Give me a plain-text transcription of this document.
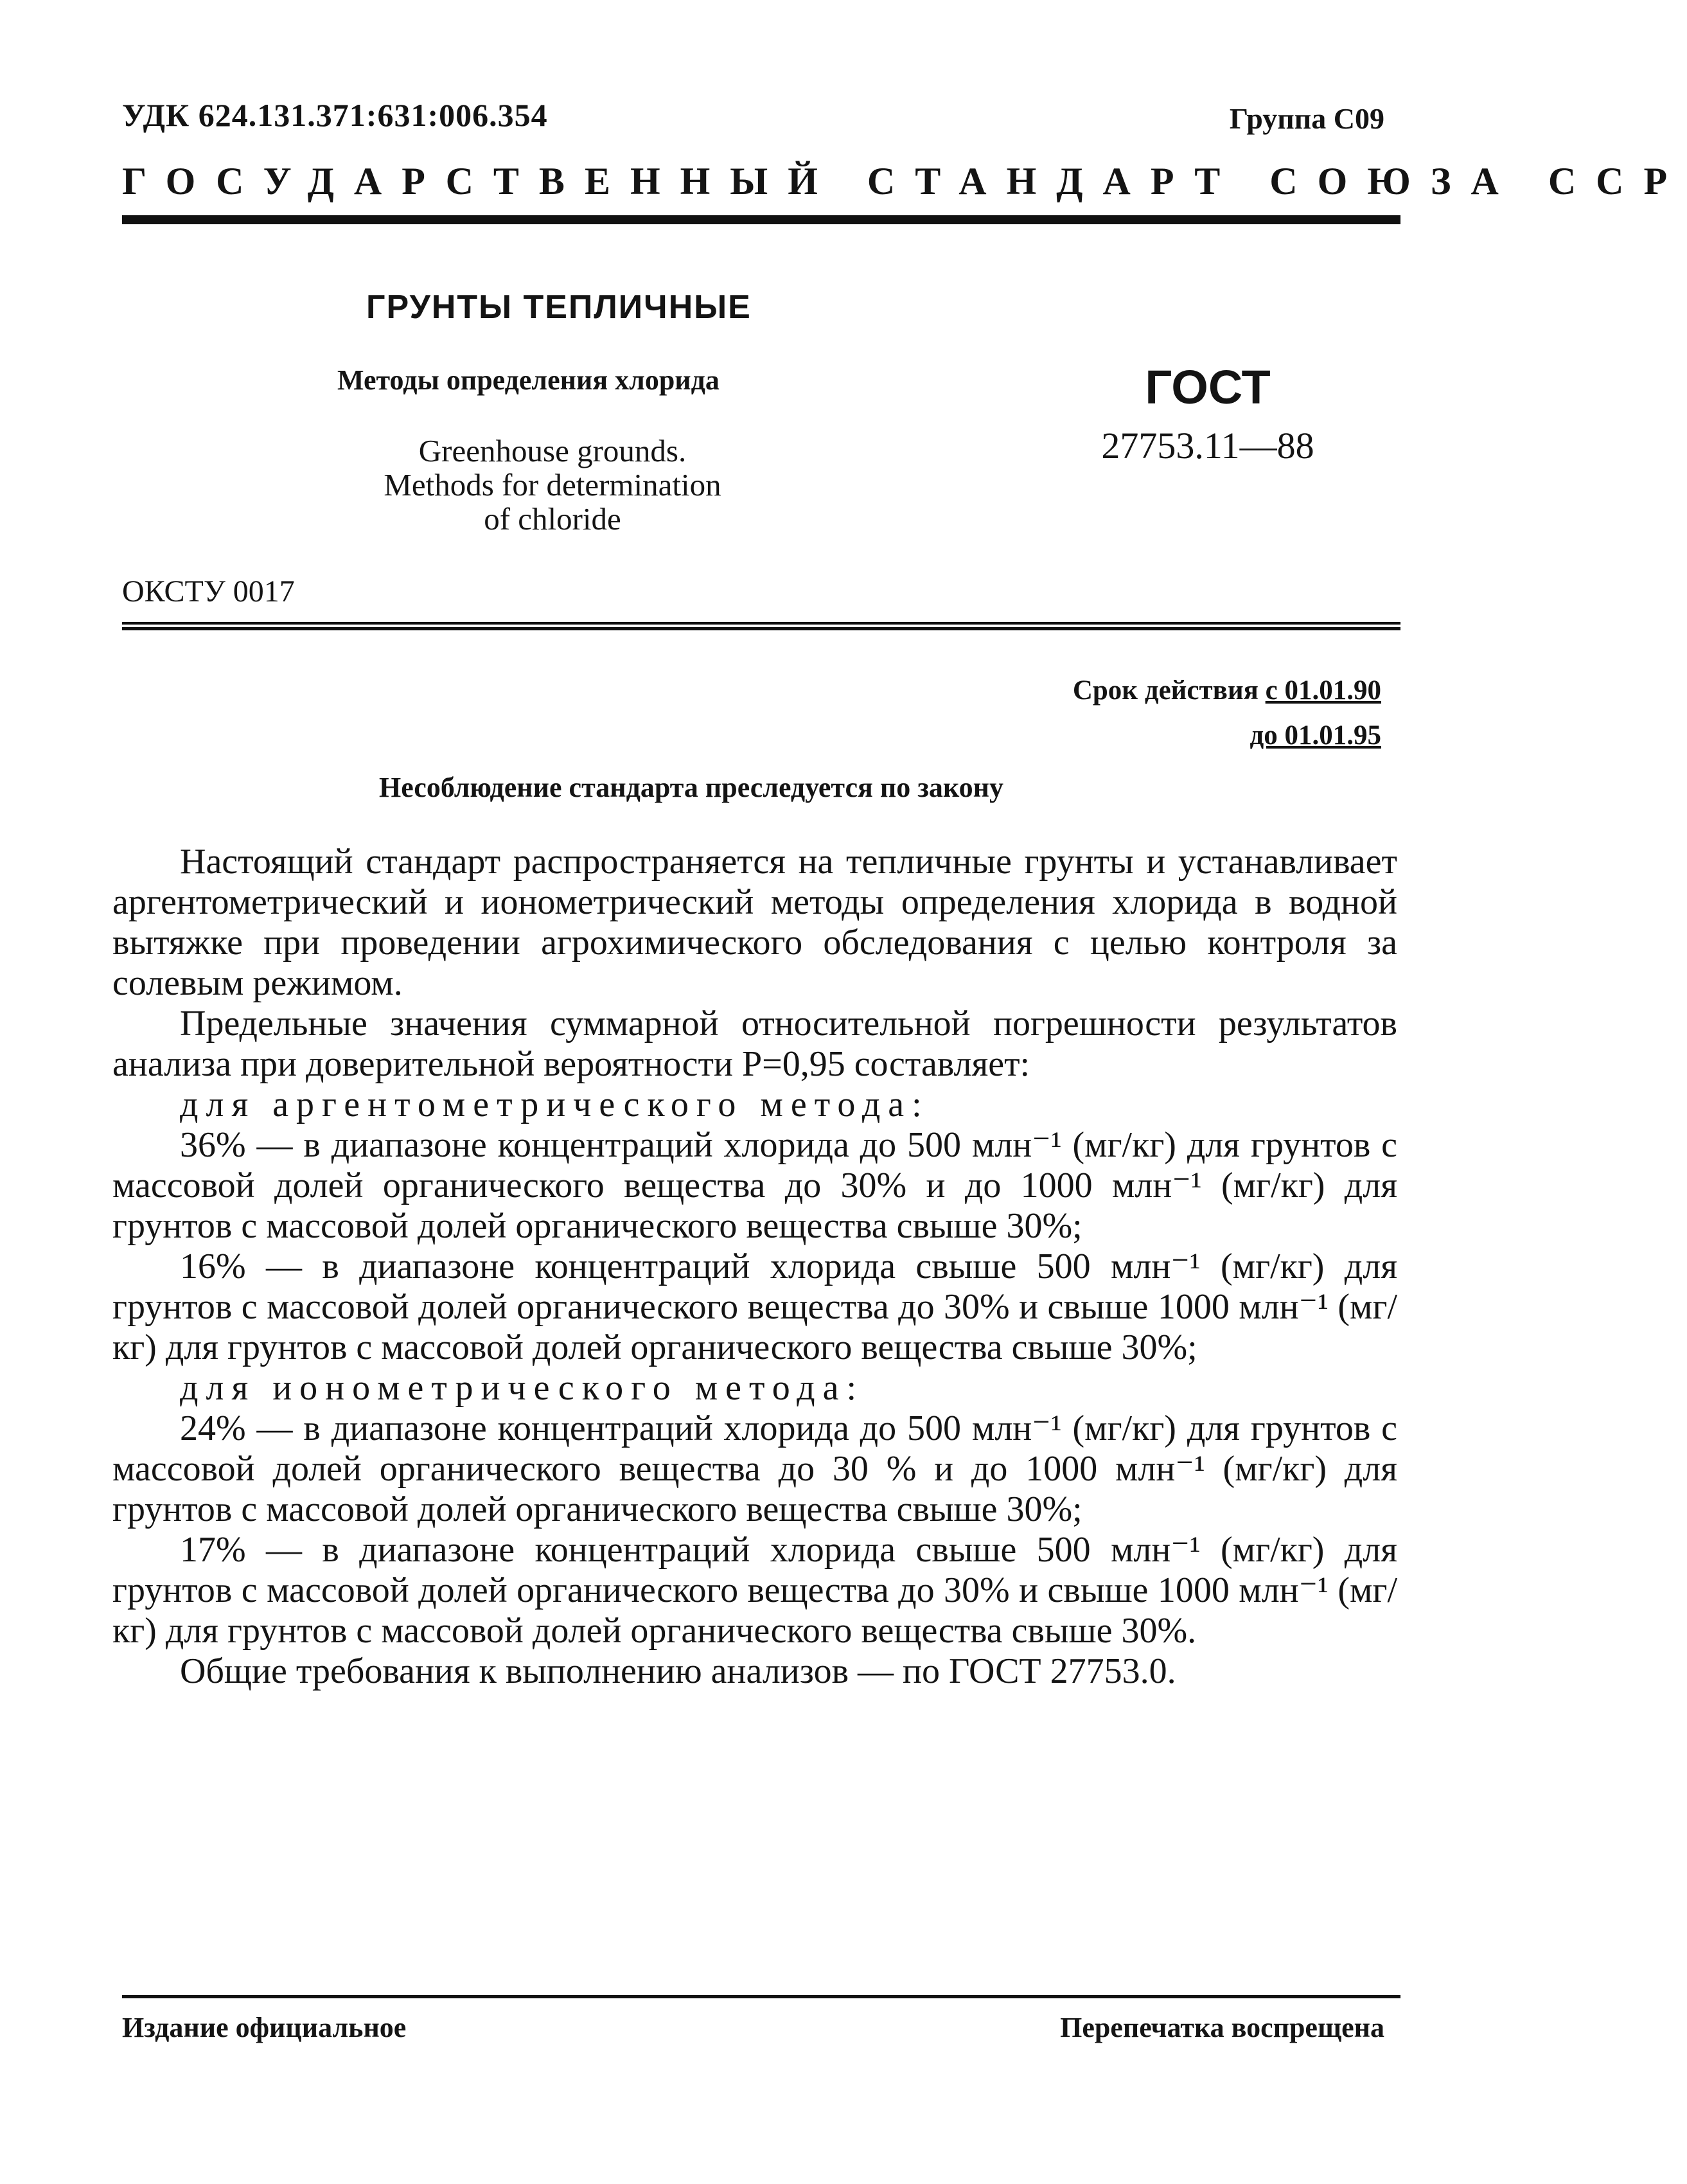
УДК 624.131.371:631:006.354	Группа С09
ГОСУДАРСТВЕННЫЙ СТАНДАРТ СОЮЗА ССР
ГРУНТЫ ТЕПЛИЧНЫЕ
Методы определения хлорида
Greenhouse grounds.
Methods for determination
of chloride
ГОСТ
27753.11—88
ОКСТУ 0017
Срок действия с 01.01.90
до 01.01.95
Несоблюдение стандарта преследуется по закону

Настоящий стандарт распространяется на тепличные грунты и устанавливает аргентометрический и ионометрический методы определения хлорида в водной вытяжке при проведении агрохимического обследования с целью контроля за солевым режимом.

Предельные значения суммарной относительной погрешности результатов анализа при доверительной вероятности P=0,95 составляет:

для аргентометрического метода:

36% — в диапазоне концентраций хлорида до 500 млн⁻¹ (мг/кг) для грунтов с массовой долей органического вещества до 30% и до 1000 млн⁻¹ (мг/кг) для грунтов с массовой долей органического вещества свыше 30%;

16% — в диапазоне концентраций хлорида свыше 500 млн⁻¹ (мг/кг) для грунтов с массовой долей органического вещества до 30% и свыше 1000 млн⁻¹ (мг/кг) для грунтов с массовой долей органического вещества свыше 30%;

для ионометрического метода:

24% — в диапазоне концентраций хлорида до 500 млн⁻¹ (мг/кг) для грунтов с массовой долей органического вещества до 30 % и до 1000 млн⁻¹ (мг/кг) для грунтов с массовой долей органического вещества свыше 30%;

17% — в диапазоне концентраций хлорида свыше 500 млн⁻¹ (мг/кг) для грунтов с массовой долей органического вещества до 30% и свыше 1000 млн⁻¹ (мг/кг) для грунтов с массовой долей органического вещества свыше 30%.

Общие требования к выполнению анализов — по ГОСТ 27753.0.

Издание официальное	Перепечатка воспрещена
